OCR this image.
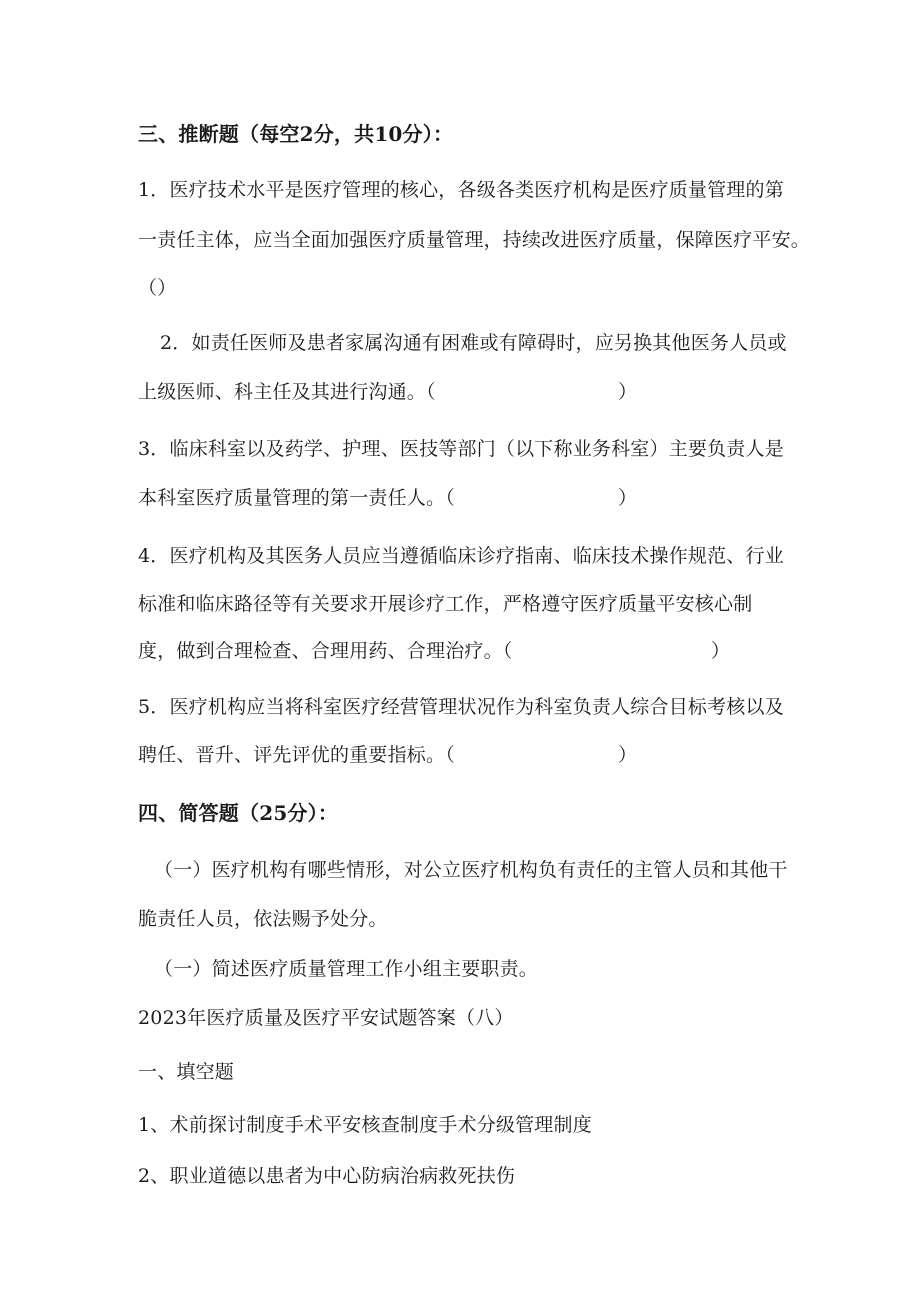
三、推断题（每空2分，共10分）：
1．医疗技术水平是医疗管理的核心，各级各类医疗机构是医疗质量管理的第
一责任主体，应当全面加强医疗质量管理，持续改进医疗质量，保障医疗平安。
（）
2．如责任医师及患者家属沟通有困难或有障碍时，应另换其他医务人员或
上级医师、科主任及其进行沟通。（	）
3．临床科室以及药学、护理、医技等部门（以下称业务科室）主要负责人是
本科室医疗质量管理的第一责任人。（	）
4．医疗机构及其医务人员应当遵循临床诊疗指南、临床技术操作规范、行业
标准和临床路径等有关要求开展诊疗工作，严格遵守医疗质量平安核心制
度，做到合理检查、合理用药、合理治疗。（	）
5．医疗机构应当将科室医疗经营管理状况作为科室负责人综合目标考核以及
聘任、晋升、评先评优的重要指标。（	）
四、简答题（25分）：
（一）医疗机构有哪些情形，对公立医疗机构负有责任的主管人员和其他干
脆责任人员，依法赐予处分。
（一）简述医疗质量管理工作小组主要职责。
2023年医疗质量及医疗平安试题答案（八）
一、填空题
1、术前探讨制度手术平安核查制度手术分级管理制度
2、职业道德以患者为中心防病治病救死扶伤
